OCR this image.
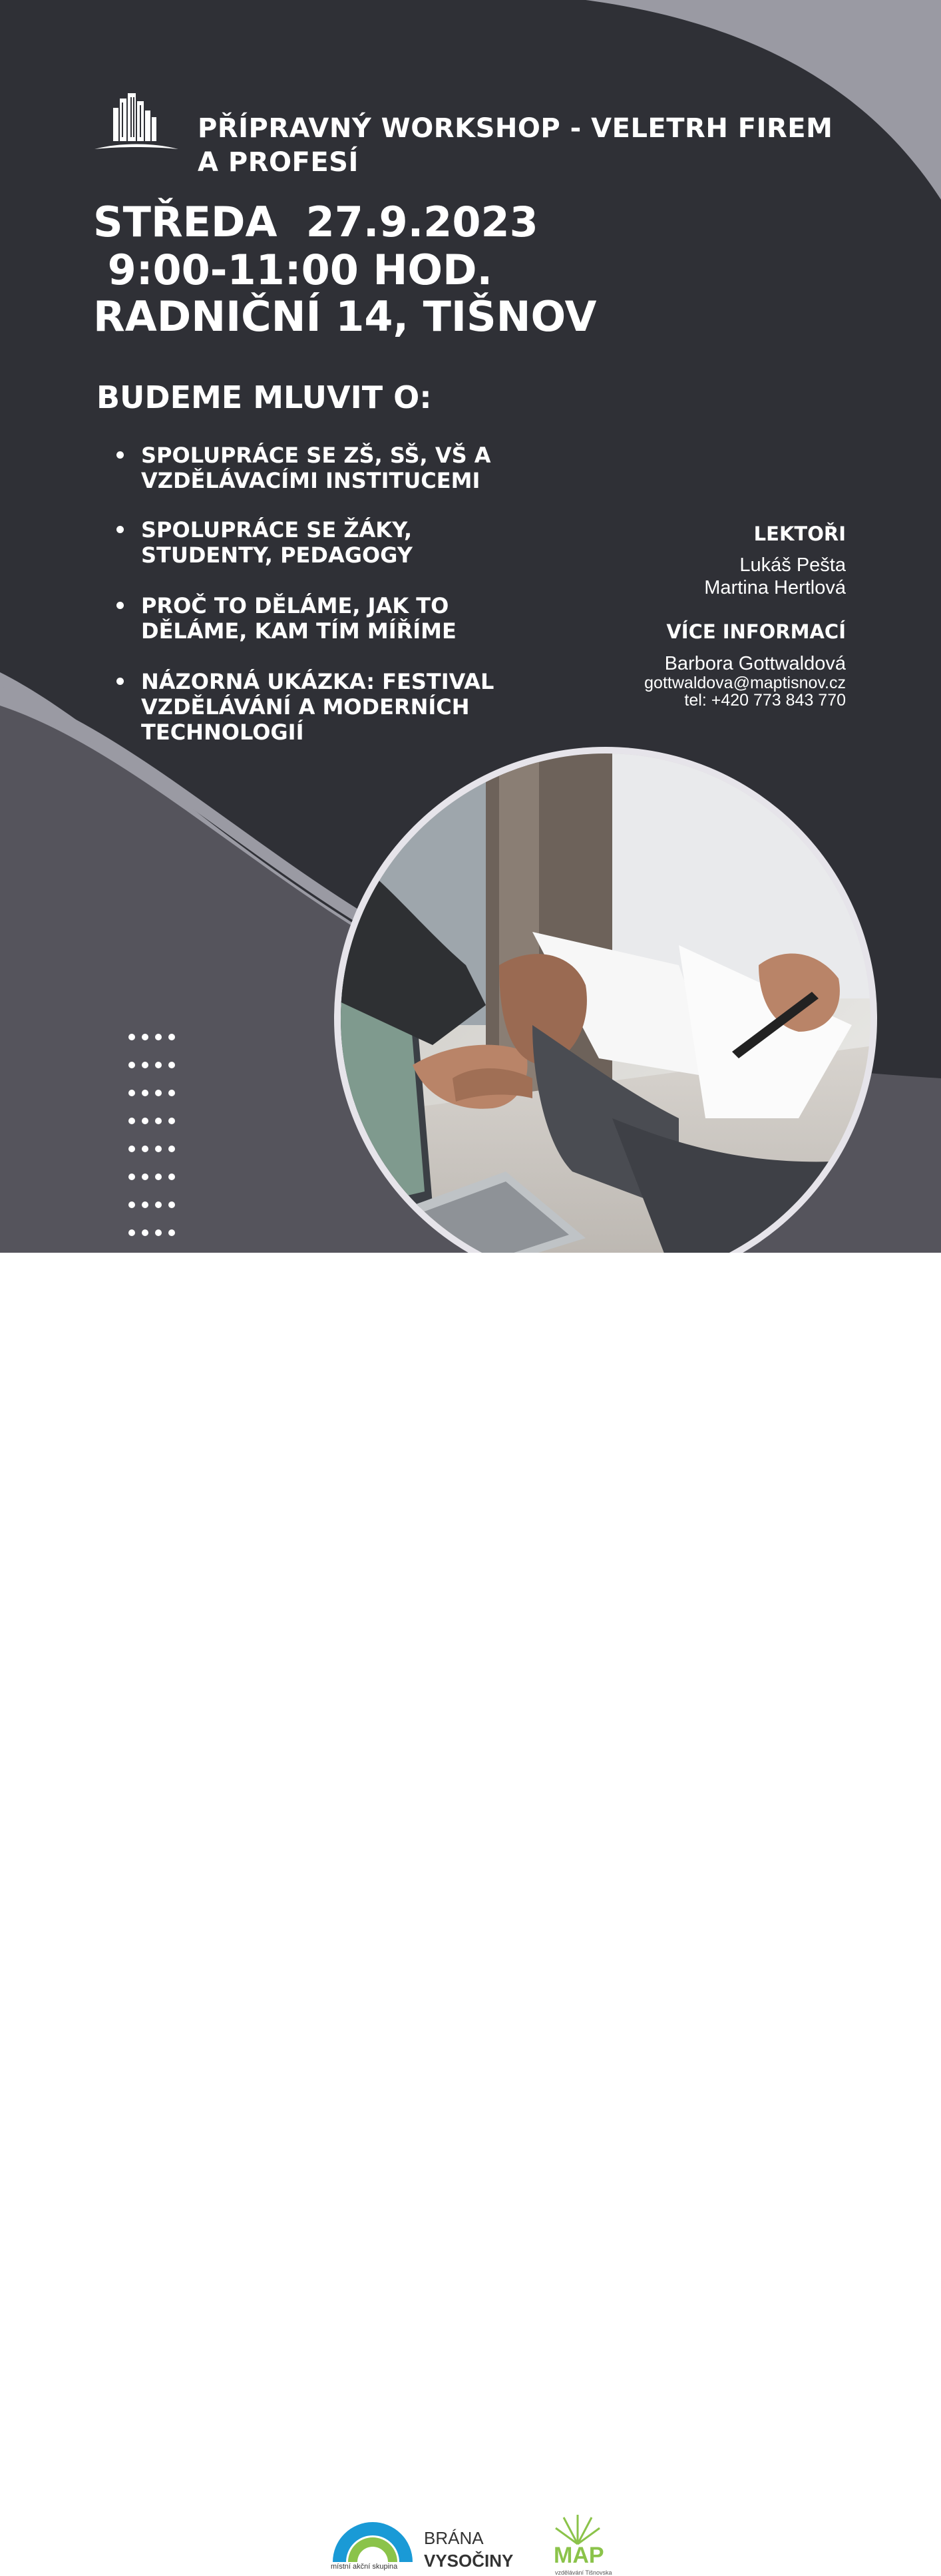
PŘÍPRAVNÝ WORKSHOP - VELETRH FIREM A PROFESÍ

STŘEDA  27.9.2023

9:00-11:00 HOD.

RADNIČNÍ 14, TIŠNOV

BUDEME MLUVIT O:
SPOLUPRÁCE SE ZŠ, SŠ, VŠ A VZDĚLÁVACÍMI INSTITUCEMI
SPOLUPRÁCE SE ŽÁKY, STUDENTY, PEDAGOGY
PROČ TO DĚLÁME, JAK TO DĚLÁME, KAM TÍM MÍŘÍME
NÁZORNÁ UKÁZKA: FESTIVAL VZDĚLÁVÁNÍ A MODERNÍCH TECHNOLOGIÍ
LEKTOŘI
Lukáš Pešta
Martina Hertlová
VÍCE INFORMACÍ
Barbora Gottwaldová
gottwaldova@maptisnov.cz
tel: +420 773 843 770
místní akční skupina
BRÁNA
VYSOČINY MAP
vzdělávání Tišnovska
